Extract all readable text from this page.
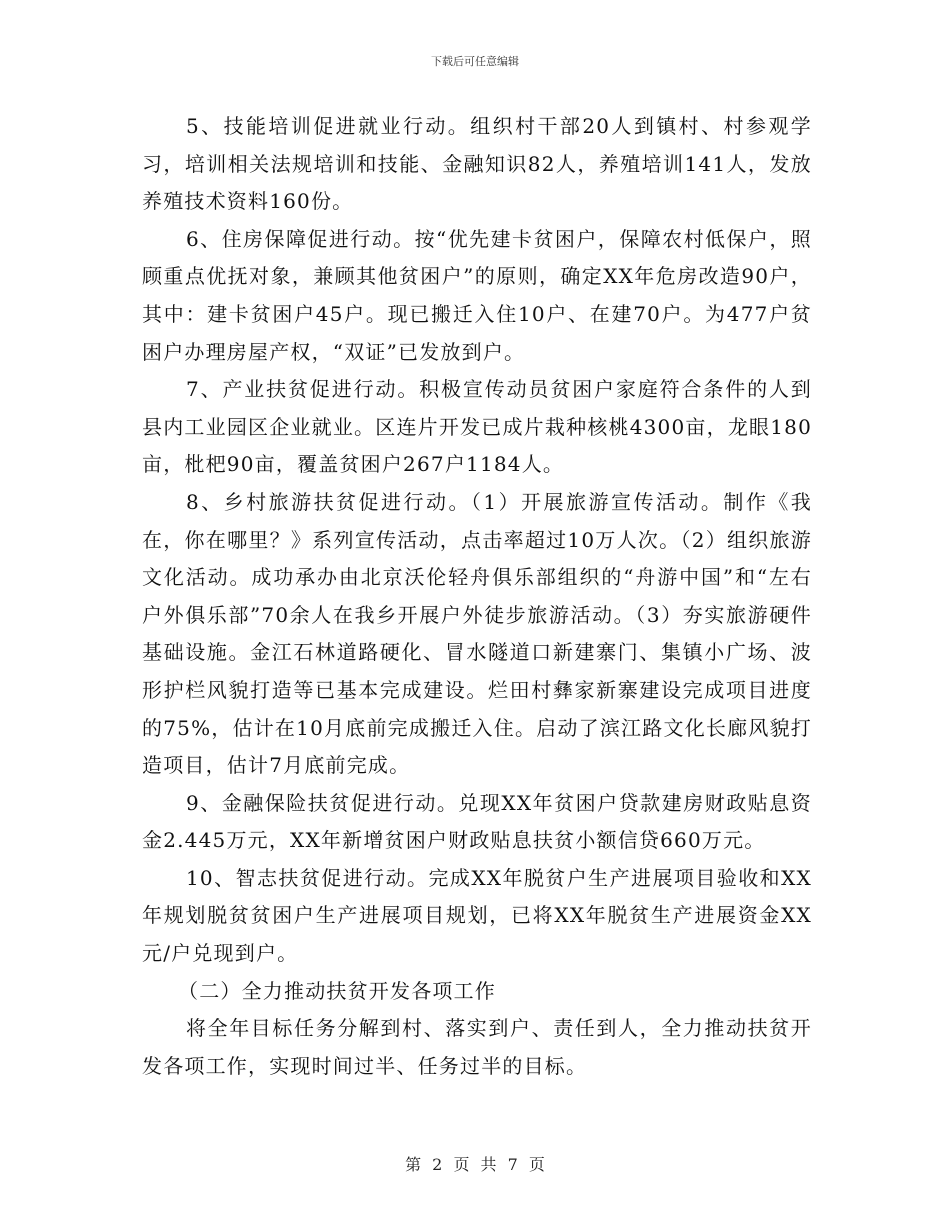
下载后可任意编辑

5、技能培训促进就业行动。组织村干部20人到镇村、村参观学习，培训相关法规培训和技能、金融知识82人，养殖培训141人，发放养殖技术资料160份。

6、住房保障促进行动。按“优先建卡贫困户，保障农村低保户，照顾重点优抚对象，兼顾其他贫困户”的原则，确定XX年危房改造90户，其中：建卡贫困户45户。现已搬迁入住10户、在建70户。为477户贫困户办理房屋产权，“双证”已发放到户。

7、产业扶贫促进行动。积极宣传动员贫困户家庭符合条件的人到县内工业园区企业就业。区连片开发已成片栽种核桃4300亩，龙眼180亩，枇杷90亩，覆盖贫困户267户1184人。

8、乡村旅游扶贫促进行动。（1）开展旅游宣传活动。制作《我在，你在哪里？》系列宣传活动，点击率超过10万人次。（2）组织旅游文化活动。成功承办由北京沃伦轻舟俱乐部组织的“舟游中国”和“左右户外俱乐部”70余人在我乡开展户外徒步旅游活动。（3）夯实旅游硬件基础设施。金江石林道路硬化、冒水隧道口新建寨门、集镇小广场、波形护栏风貌打造等已基本完成建设。烂田村彝家新寨建设完成项目进度的75%，估计在10月底前完成搬迁入住。启动了滨江路文化长廊风貌打造项目，估计7月底前完成。

9、金融保险扶贫促进行动。兑现XX年贫困户贷款建房财政贴息资金2.445万元，XX年新增贫困户财政贴息扶贫小额信贷660万元。

10、智志扶贫促进行动。完成XX年脱贫户生产进展项目验收和XX年规划脱贫贫困户生产进展项目规划，已将XX年脱贫生产进展资金XX元/户兑现到户。

（二）全力推动扶贫开发各项工作

将全年目标任务分解到村、落实到户、责任到人，全力推动扶贫开发各项工作，实现时间过半、任务过半的目标。

第 2 页 共 7 页
